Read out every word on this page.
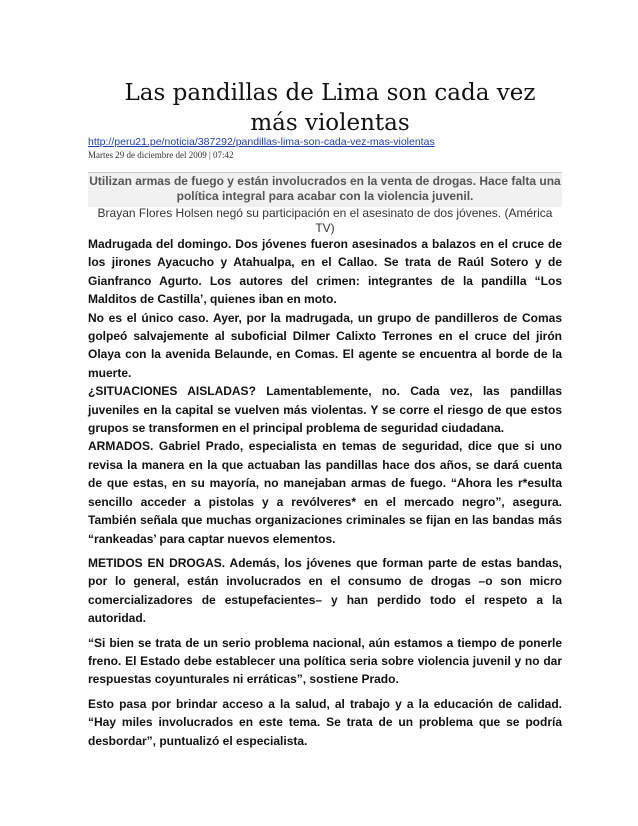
Las pandillas de Lima son cada vez más violentas
http://peru21.pe/noticia/387292/pandillas-lima-son-cada-vez-mas-violentas
Martes 29 de diciembre del 2009 | 07:42
Utilizan armas de fuego y están involucrados en la venta de drogas. Hace falta una política integral para acabar con la violencia juvenil.
Brayan Flores Holsen negó su participación en el asesinato de dos jóvenes. (América TV)

Madrugada del domingo. Dos jóvenes fueron asesinados a balazos en el cruce de los jirones Ayacucho y Atahualpa, en el Callao. Se trata de Raúl Sotero y de Gianfranco Agurto. Los autores del crimen: integrantes de la pandilla “Los Malditos de Castilla’, quienes iban en moto.

No es el único caso. Ayer, por la madrugada, un grupo de pandilleros de Comas golpeó salvajemente al suboficial Dilmer Calixto Terrones en el cruce del jirón Olaya con la avenida Belaunde, en Comas. El agente se encuentra al borde de la muerte.

¿SITUACIONES AISLADAS? Lamentablemente, no. Cada vez, las pandillas juveniles en la capital se vuelven más violentas. Y se corre el riesgo de que estos grupos se transformen en el principal problema de seguridad ciudadana.

ARMADOS. Gabriel Prado, especialista en temas de seguridad, dice que si uno revisa la manera en la que actuaban las pandillas hace dos años, se dará cuenta de que estas, en su mayoría, no manejaban armas de fuego. “Ahora les r*esulta sencillo acceder a pistolas y a revólveres* en el mercado negro”, asegura. También señala que muchas organizaciones criminales se fijan en las bandas más “rankeadas’ para captar nuevos elementos.

METIDOS EN DROGAS. Además, los jóvenes que forman parte de estas bandas, por lo general, están involucrados en el consumo de drogas –o son micro comercializadores de estupefacientes– y han perdido todo el respeto a la autoridad.

“Si bien se trata de un serio problema nacional, aún estamos a tiempo de ponerle freno. El Estado debe establecer una política seria sobre violencia juvenil y no dar respuestas coyunturales ni erráticas”, sostiene Prado.

Esto pasa por brindar acceso a la salud, al trabajo y a la educación de calidad. “Hay miles involucrados en este tema. Se trata de un problema que se podría desbordar”, puntualizó el especialista.
